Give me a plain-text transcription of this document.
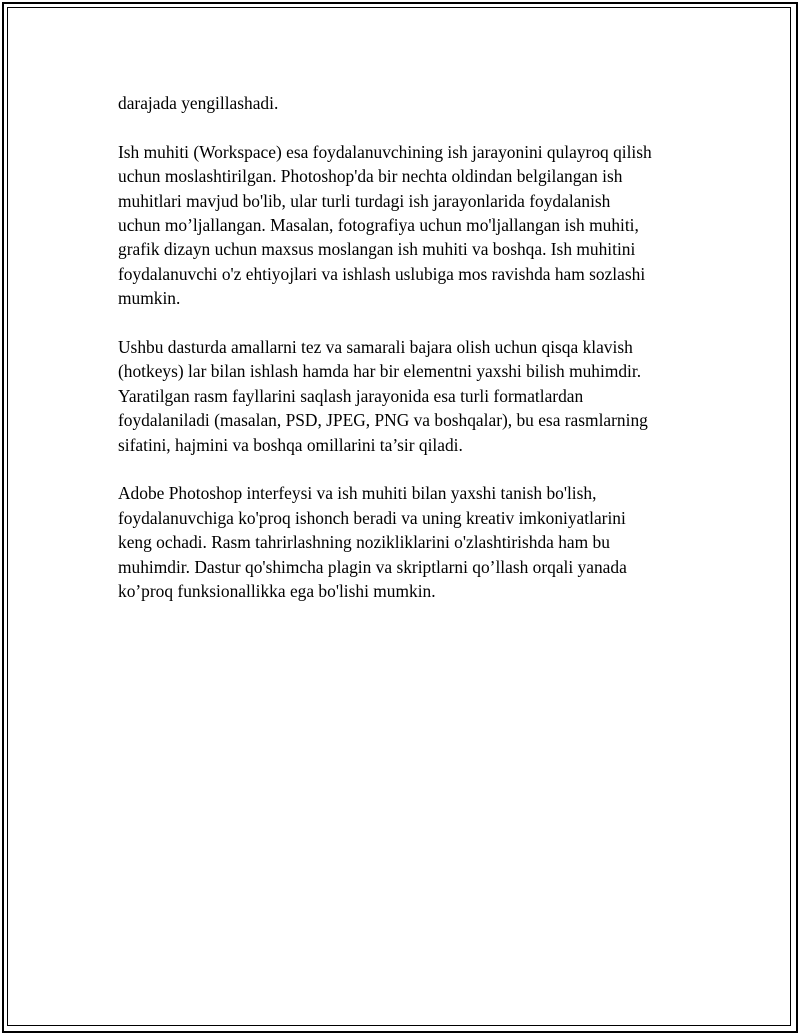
darajada yengillashadi.

Ish muhiti (Workspace) esa foydalanuvchining ish jarayonini qulayroq qilish
uchun moslashtirilgan. Photoshop'da bir nechta oldindan belgilangan ish
muhitlari mavjud bo'lib, ular turli turdagi ish jarayonlarida foydalanish
uchun mo’ljallangan. Masalan, fotografiya uchun mo'ljallangan ish muhiti,
grafik dizayn uchun maxsus moslangan ish muhiti va boshqa. Ish muhitini
foydalanuvchi o'z ehtiyojlari va ishlash uslubiga mos ravishda ham sozlashi
mumkin.

Ushbu dasturda amallarni tez va samarali bajara olish uchun qisqa klavish
(hotkeys) lar bilan ishlash hamda har bir elementni yaxshi bilish muhimdir.
Yaratilgan rasm fayllarini saqlash jarayonida esa turli formatlardan
foydalaniladi (masalan, PSD, JPEG, PNG va boshqalar), bu esa rasmlarning
sifatini, hajmini va boshqa omillarini ta’sir qiladi.

Adobe Photoshop interfeysi va ish muhiti bilan yaxshi tanish bo'lish,
foydalanuvchiga ko'proq ishonch beradi va uning kreativ imkoniyatlarini
keng ochadi. Rasm tahrirlashning nozikliklarini o'zlashtirishda ham bu
muhimdir. Dastur qo'shimcha plagin va skriptlarni qo’llash orqali yanada
ko’proq funksionallikka ega bo'lishi mumkin.
